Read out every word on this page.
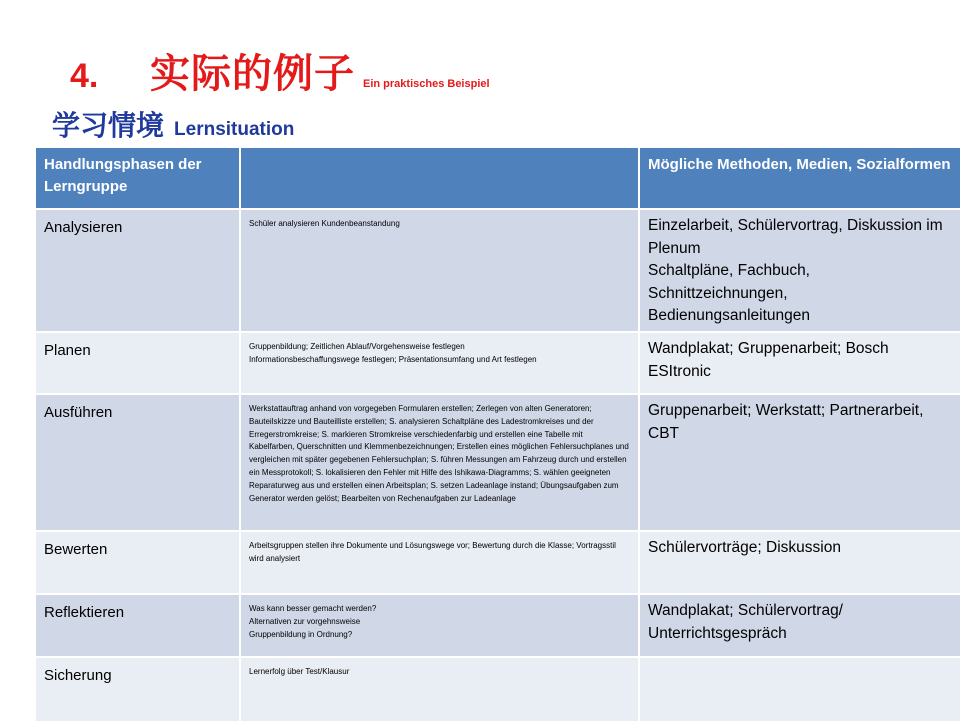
4. 实际的例子 Ein praktisches Beispiel
学习情境 Lernsituation
Handlungsphasen der Lerngruppe		Mögliche Methoden, Medien, Sozialformen

Analysieren	Schüler analysieren Kundenbeanstandung	Einzelarbeit, Schülervortrag, Diskussion im Plenum
Schaltpläne, Fachbuch, Schnittzeichnungen, Bedienungsanleitungen

Planen	Gruppenbildung; Zeitlichen Ablauf/Vorgehensweise festlegen
Informationsbeschaffungswege festlegen; Präsentationsumfang und Art festlegen	Wandplakat; Gruppenarbeit; Bosch ESItronic

Ausführen	Werkstattauftrag anhand von vorgegeben Formularen erstellen; Zerlegen von alten Generatoren; Bauteilskizze und Bauteilliste erstellen; S. analysieren Schaltpläne des Ladestromkreises und der Erregerstromkreise; S. markieren Stromkreise verschiedenfarbig und erstellen eine Tabelle mit Kabelfarben, Querschnitten und Klemmenbezeichnungen; Erstellen eines möglichen Fehlersuchplanes und vergleichen mit später gegebenen Fehlersuchplan; S. führen Messungen am Fahrzeug durch und erstellen ein Messprotokoll; S. lokalisieren den Fehler mit Hilfe des Ishikawa-Diagramms; S. wählen geeigneten Reparaturweg aus und erstellen einen Arbeitsplan; S. setzen Ladeanlage instand; Übungsaufgaben zum Generator werden gelöst; Bearbeiten von Rechenaufgaben zur Ladeanlage	Gruppenarbeit; Werkstatt; Partnerarbeit, CBT

Bewerten	Arbeitsgruppen stellen ihre Dokumente und Lösungswege vor; Bewertung durch die Klasse; Vortragsstil wird analysiert	Schülervorträge; Diskussion

Reflektieren	Was kann besser gemacht werden?
Alternativen zur vorgehnsweise
Gruppenbildung in Ordnung?	Wandplakat; Schülervortrag/ Unterrichtsgespräch

Sicherung	Lernerfolg über Test/Klausur	
